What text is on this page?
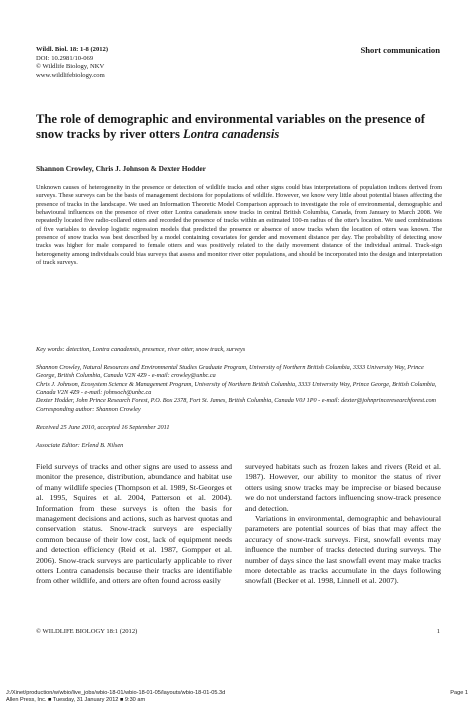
Short communication
Wildl. Biol. 18: 1-8 (2012)
DOI: 10.2981/10-069
© Wildlife Biology, NKV
www.wildlifebiology.com
The role of demographic and environmental variables on the presence of snow tracks by river otters Lontra canadensis
Shannon Crowley, Chris J. Johnson & Dexter Hodder
Unknown causes of heterogeneity in the presence or detection of wildlife tracks and other signs could bias interpretations of population indices derived from surveys. These surveys can be the basis of management decisions for populations of wildlife. However, we know very little about potential biases affecting the presence of tracks in the landscape. We used an Information Theoretic Model Comparison approach to investigate the role of environmental, demographic and behavioural influences on the presence of river otter Lontra canadensis snow tracks in central British Columbia, Canada, from January to March 2008. We repeatedly located five radio-collared otters and recorded the presence of tracks within an estimated 100-m radius of the otter's location. We used combinations of five variables to develop logistic regression models that predicted the presence or absence of snow tracks when the location of otters was known. The presence of snow tracks was best described by a model containing covariates for gender and movement distance per day. The probability of detecting snow tracks was higher for male compared to female otters and was positively related to the daily movement distance of the individual animal. Track-sign heterogeneity among individuals could bias surveys that assess and monitor river otter populations, and should be incorporated into the design and interpretation of track surveys.
Key words: detection, Lontra canadensis, presence, river otter, snow track, surveys

Shannon Crowley, Natural Resources and Environmental Studies Graduate Program, University of Northern British Columbia, 3333 University Way, Prince George, British Columbia, Canada V2N 4Z9 - e-mail: crowley@unbc.ca

Chris J. Johnson, Ecosystem Science & Management Program, University of Northern British Columbia, 3333 University Way, Prince George, British Columbia, Canada V2N 4Z9 - e-mail: johnsoch@unbc.ca

Dexter Hodder, John Prince Research Forest, P.O. Box 2378, Fort St. James, British Columbia, Canada V0J 1P0 - e-mail: dexter@johnprinceresearchforest.com

Corresponding author: Shannon Crowley
Received 25 June 2010, accepted 16 September 2011
Associate Editor: Erlend B. Nilsen

Field surveys of tracks and other signs are used to assess and monitor the presence, distribution, abundance and habitat use of many wildlife species (Thompson et al. 1989, St-Georges et al. 1995, Squires et al. 2004, Patterson et al. 2004). Information from these surveys is often the basis for management decisions and actions, such as harvest quotas and conservation status. Snow-track surveys are especially common because of their low cost, lack of equipment needs and detection efficiency (Reid et al. 1987, Gompper et al. 2006). Snow-track surveys are particularly applicable to river otters Lontra canadensis because their tracks are identifiable from other wildlife, and otters are often found across easily

surveyed habitats such as frozen lakes and rivers (Reid et al. 1987). However, our ability to monitor the status of river otters using snow tracks may be imprecise or biased because we do not understand factors influencing snow-track presence and detection.

Variations in environmental, demographic and behavioural parameters are potential sources of bias that may affect the accuracy of snow-track surveys. First, snowfall events may influence the number of tracks detected during surveys. The number of days since the last snowfall event may make tracks more detectable as tracks accumulate in the days following snowfall (Becker et al. 1998, Linnell et al. 2007).

© WILDLIFE BIOLOGY 18:1 (2012)	1
J:/Xinet/production/w/wbio/live_jobs/wbio-18-01/wbio-18-01-05/layouts/wbio-18-01-05.3d
Allen Press, Inc. ■ Tuesday, 31 January 2012 ■ 9:30 am
Page 1
